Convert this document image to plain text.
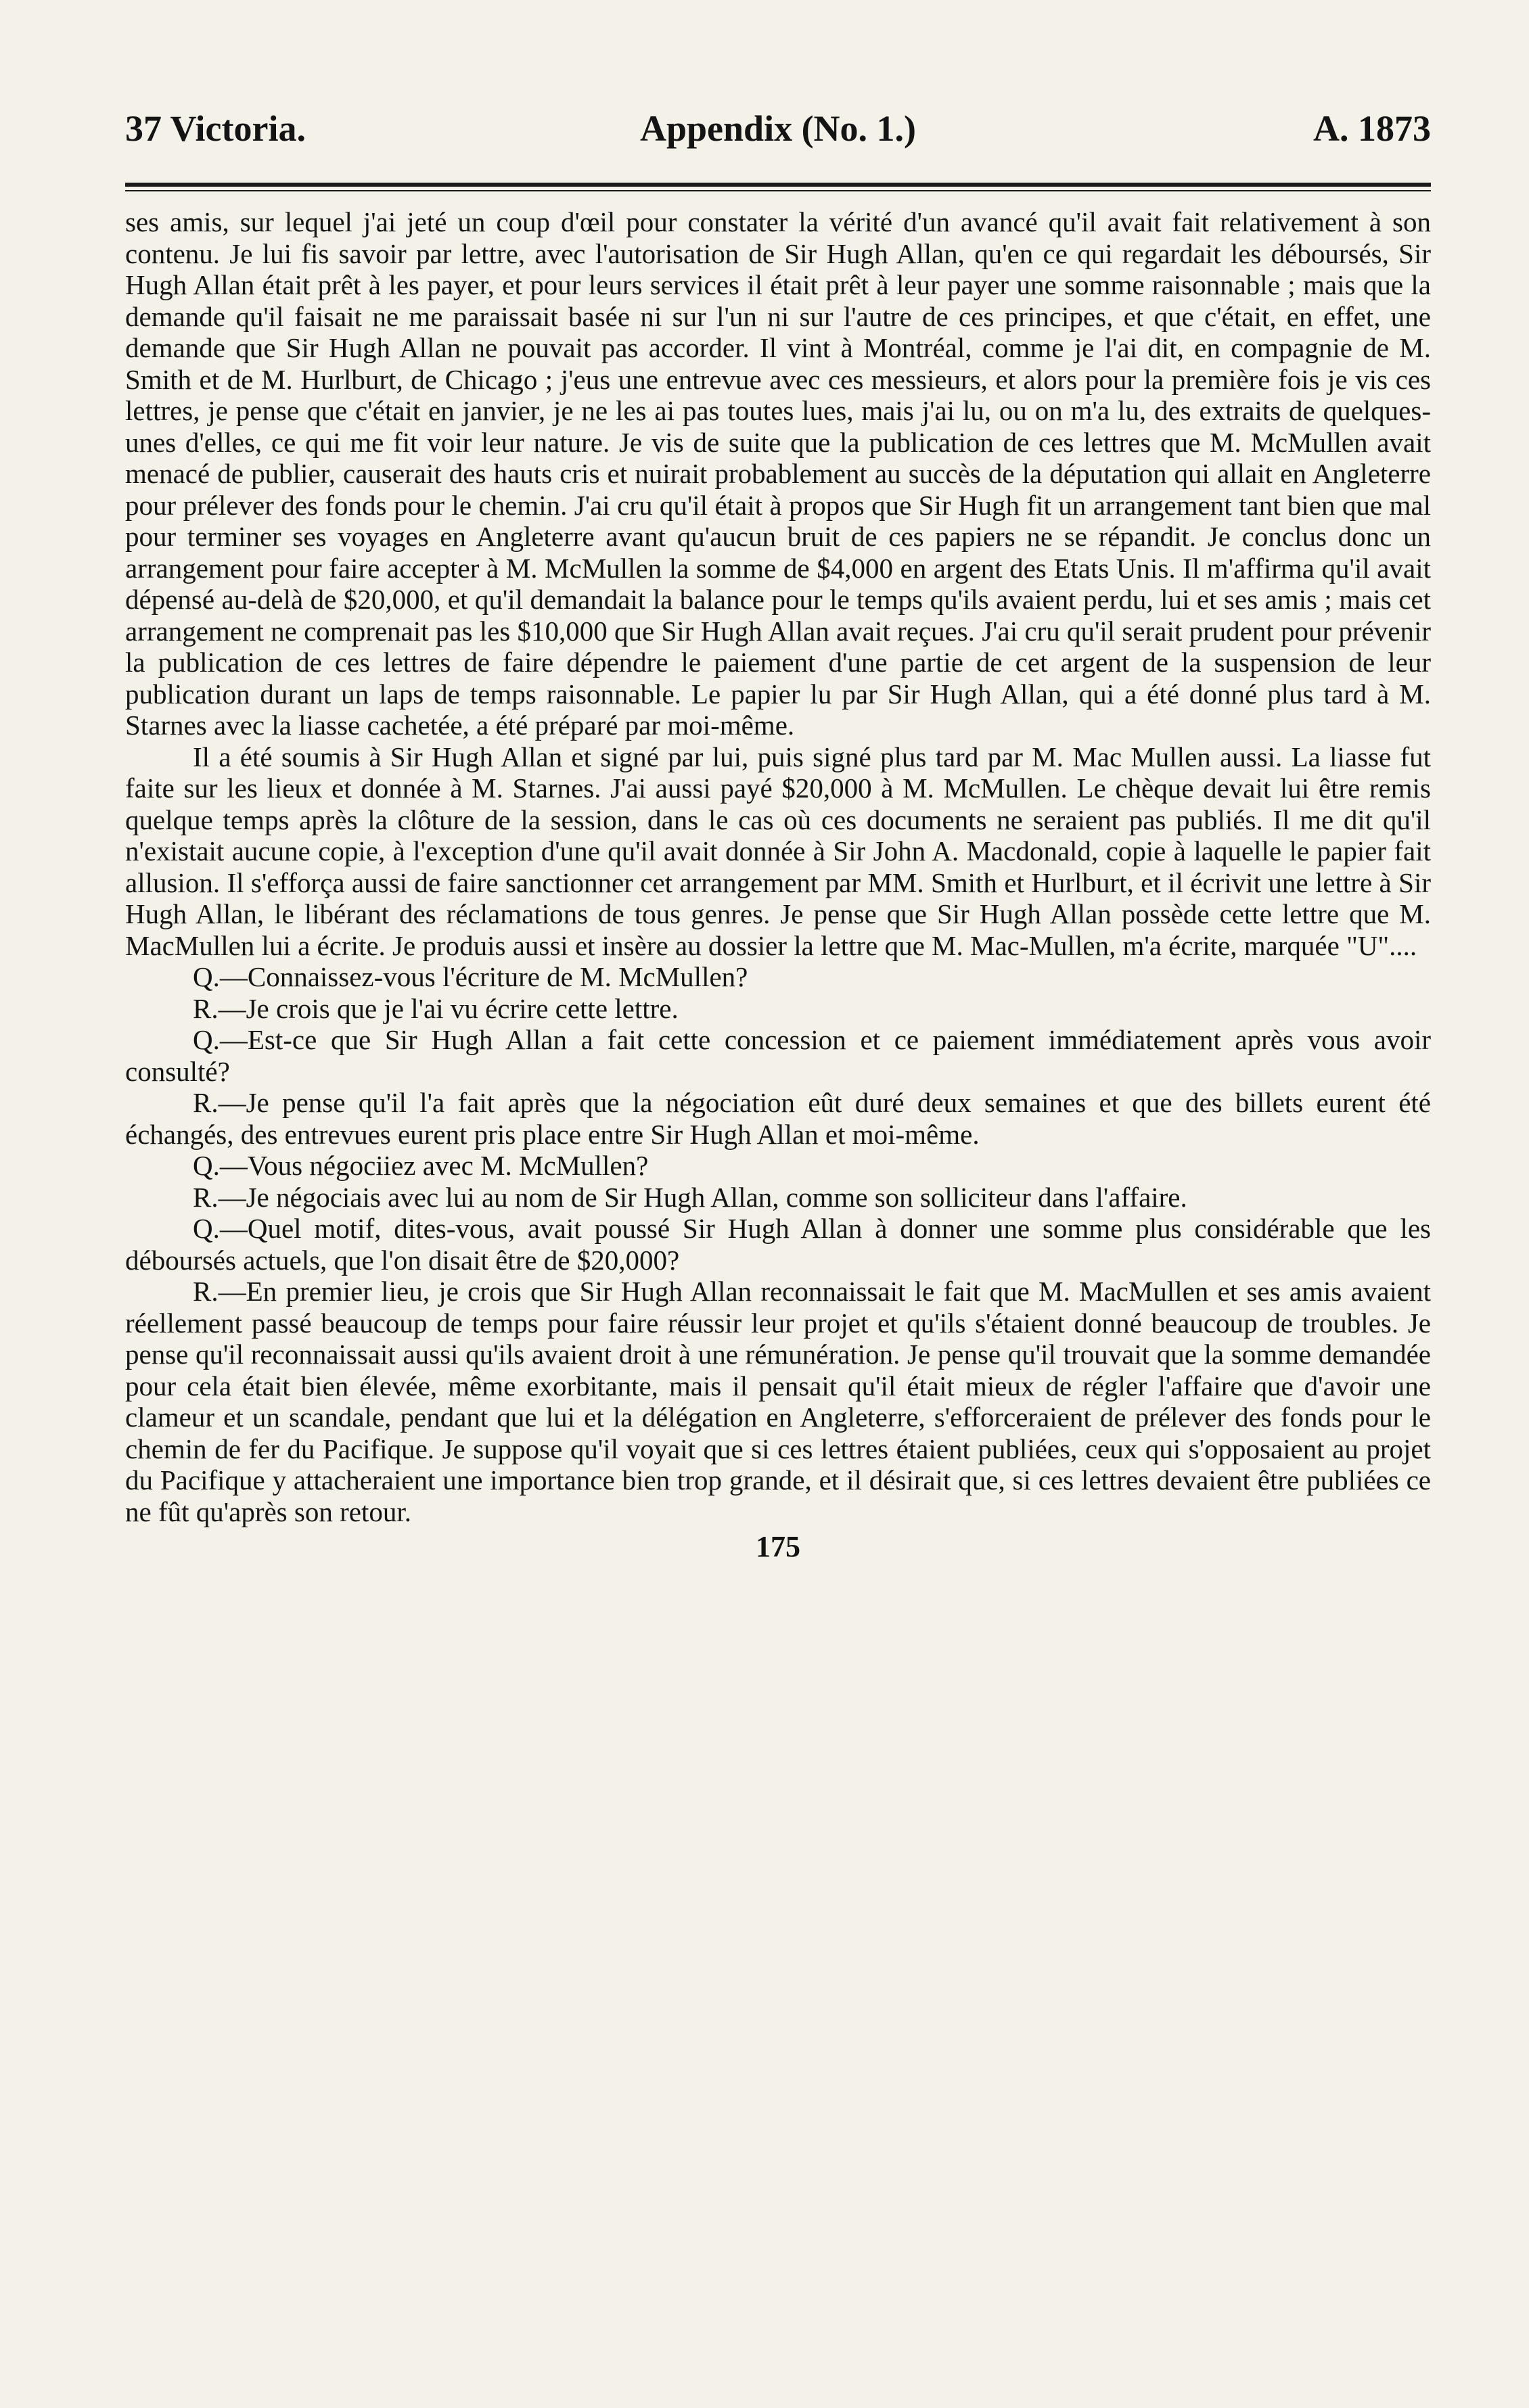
37 Victoria.	Appendix (No. 1.)	A. 1873

ses amis, sur lequel j'ai jeté un coup d'œil pour constater la vérité d'un avancé qu'il avait fait relativement à son contenu. Je lui fis savoir par lettre, avec l'autorisation de Sir Hugh Allan, qu'en ce qui regardait les déboursés, Sir Hugh Allan était prêt à les payer, et pour leurs services il était prêt à leur payer une somme raisonnable ; mais que la demande qu'il faisait ne me paraissait basée ni sur l'un ni sur l'autre de ces principes, et que c'était, en effet, une demande que Sir Hugh Allan ne pouvait pas accorder. Il vint à Montréal, comme je l'ai dit, en compagnie de M. Smith et de M. Hurlburt, de Chicago ; j'eus une entrevue avec ces messieurs, et alors pour la première fois je vis ces lettres, je pense que c'était en janvier, je ne les ai pas toutes lues, mais j'ai lu, ou on m'a lu, des extraits de quelques-unes d'elles, ce qui me fit voir leur nature. Je vis de suite que la publication de ces lettres que M. McMullen avait menacé de publier, causerait des hauts cris et nuirait probablement au succès de la députation qui allait en Angleterre pour prélever des fonds pour le chemin. J'ai cru qu'il était à propos que Sir Hugh fit un arrangement tant bien que mal pour terminer ses voyages en Angleterre avant qu'aucun bruit de ces papiers ne se répandit. Je conclus donc un arrangement pour faire accepter à M. McMullen la somme de $4,000 en argent des Etats Unis. Il m'affirma qu'il avait dépensé au-delà de $20,000, et qu'il demandait la balance pour le temps qu'ils avaient perdu, lui et ses amis ; mais cet arrangement ne comprenait pas les $10,000 que Sir Hugh Allan avait reçues. J'ai cru qu'il serait prudent pour prévenir la publication de ces lettres de faire dépendre le paiement d'une partie de cet argent de la suspension de leur publication durant un laps de temps raisonnable. Le papier lu par Sir Hugh Allan, qui a été donné plus tard à M. Starnes avec la liasse cachetée, a été préparé par moi-même.

Il a été soumis à Sir Hugh Allan et signé par lui, puis signé plus tard par M. Mac Mullen aussi. La liasse fut faite sur les lieux et donnée à M. Starnes. J'ai aussi payé $20,000 à M. McMullen. Le chèque devait lui être remis quelque temps après la clôture de la session, dans le cas où ces documents ne seraient pas publiés. Il me dit qu'il n'existait aucune copie, à l'exception d'une qu'il avait donnée à Sir John A. Macdonald, copie à laquelle le papier fait allusion. Il s'efforça aussi de faire sanctionner cet arrangement par MM. Smith et Hurlburt, et il écrivit une lettre à Sir Hugh Allan, le libérant des réclamations de tous genres. Je pense que Sir Hugh Allan possède cette lettre que M. MacMullen lui a écrite. Je produis aussi et insère au dossier la lettre que M. Mac-Mullen, m'a écrite, marquée "U"....

Q.—Connaissez-vous l'écriture de M. McMullen?

R.—Je crois que je l'ai vu écrire cette lettre.

Q.—Est-ce que Sir Hugh Allan a fait cette concession et ce paiement immédiatement après vous avoir consulté?

R.—Je pense qu'il l'a fait après que la négociation eût duré deux semaines et que des billets eurent été échangés, des entrevues eurent pris place entre Sir Hugh Allan et moi-même.

Q.—Vous négociiez avec M. McMullen?

R.—Je négociais avec lui au nom de Sir Hugh Allan, comme son solliciteur dans l'affaire.

Q.—Quel motif, dites-vous, avait poussé Sir Hugh Allan à donner une somme plus considérable que les déboursés actuels, que l'on disait être de $20,000?

R.—En premier lieu, je crois que Sir Hugh Allan reconnaissait le fait que M. MacMullen et ses amis avaient réellement passé beaucoup de temps pour faire réussir leur projet et qu'ils s'étaient donné beaucoup de troubles. Je pense qu'il reconnaissait aussi qu'ils avaient droit à une rémunération. Je pense qu'il trouvait que la somme demandée pour cela était bien élevée, même exorbitante, mais il pensait qu'il était mieux de régler l'affaire que d'avoir une clameur et un scandale, pendant que lui et la délégation en Angleterre, s'efforceraient de prélever des fonds pour le chemin de fer du Pacifique. Je suppose qu'il voyait que si ces lettres étaient publiées, ceux qui s'opposaient au projet du Pacifique y attacheraient une importance bien trop grande, et il désirait que, si ces lettres devaient être publiées ce ne fût qu'après son retour.

175
